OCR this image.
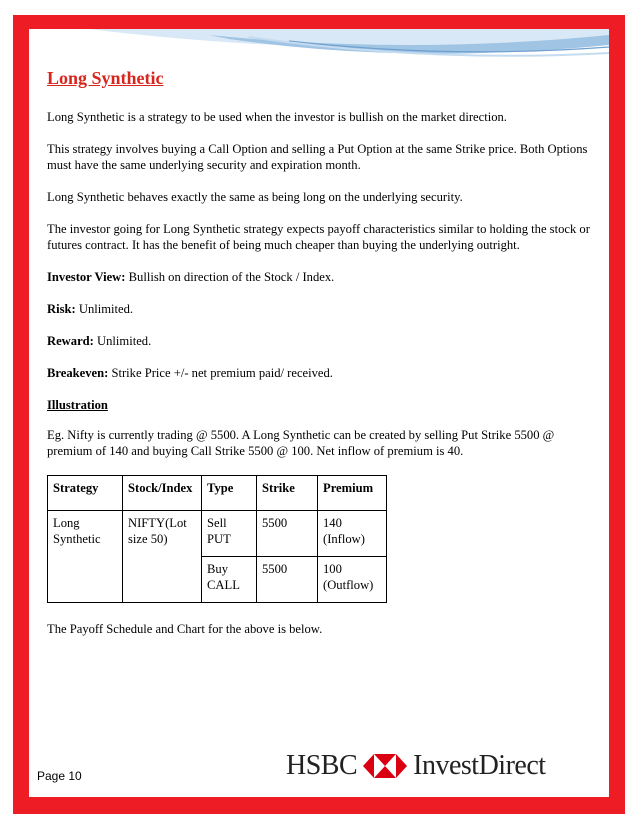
Long Synthetic

Long Synthetic is a strategy to be used when the investor is bullish on the market direction.

This strategy involves buying a Call Option and selling a Put Option at the same Strike price. Both Options must have the same underlying security and expiration month.

Long Synthetic behaves exactly the same as being long on the underlying security.

The investor going for Long Synthetic strategy expects payoff characteristics similar to holding the stock or futures contract. It has the benefit of being much cheaper than buying the underlying outright.

Investor View: Bullish on direction of the Stock / Index.

Risk: Unlimited.

Reward: Unlimited.

Breakeven: Strike Price +/- net premium paid/ received.

Illustration

Eg. Nifty is currently trading @ 5500. A Long Synthetic can be created by selling Put Strike 5500 @ premium of 140 and buying Call Strike 5500 @ 100. Net inflow of premium is 40.

Strategy	Stock/Index	Type	Strike	Premium
Long Synthetic	NIFTY(Lot size 50)	Sell PUT	5500	140 (Inflow)
		Buy CALL	5500	100 (Outflow)

The Payoff Schedule and Chart for the above is below.

Page 10	HSBC InvestDirect
